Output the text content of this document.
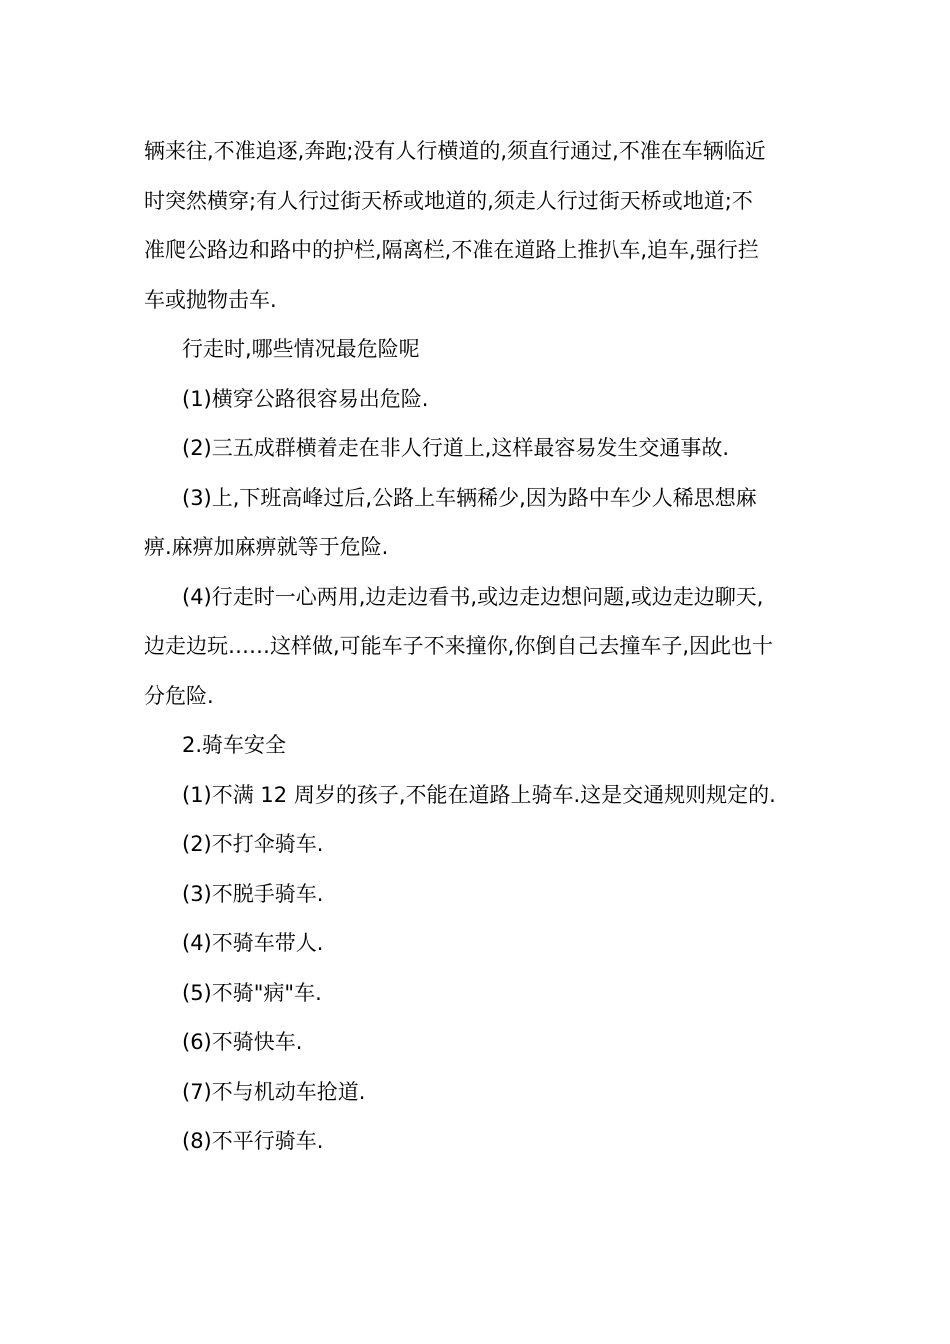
辆来往,不准追逐,奔跑;没有人行横道的,须直行通过,不准在车辆临近
时突然横穿;有人行过街天桥或地道的,须走人行过街天桥或地道;不
准爬公路边和路中的护栏,隔离栏,不准在道路上推扒车,追车,强行拦
车或抛物击车.

行走时,哪些情况最危险呢

(1)横穿公路很容易出危险.

(2)三五成群横着走在非人行道上,这样最容易发生交通事故.

(3)上,下班高峰过后,公路上车辆稀少,因为路中车少人稀思想麻
痹.麻痹加麻痹就等于危险.
(4)行走时一心两用,边走边看书,或边走边想问题,或边走边聊天,
边走边玩……这样做,可能车子不来撞你,你倒自己去撞车子,因此也十
分危险.

2.骑车安全

(1)不满 12 周岁的孩子,不能在道路上骑车.这是交通规则规定的.

(2)不打伞骑车.

(3)不脱手骑车.

(4)不骑车带人.

(5)不骑"病"车.

(6)不骑快车.

(7)不与机动车抢道.

(8)不平行骑车.
